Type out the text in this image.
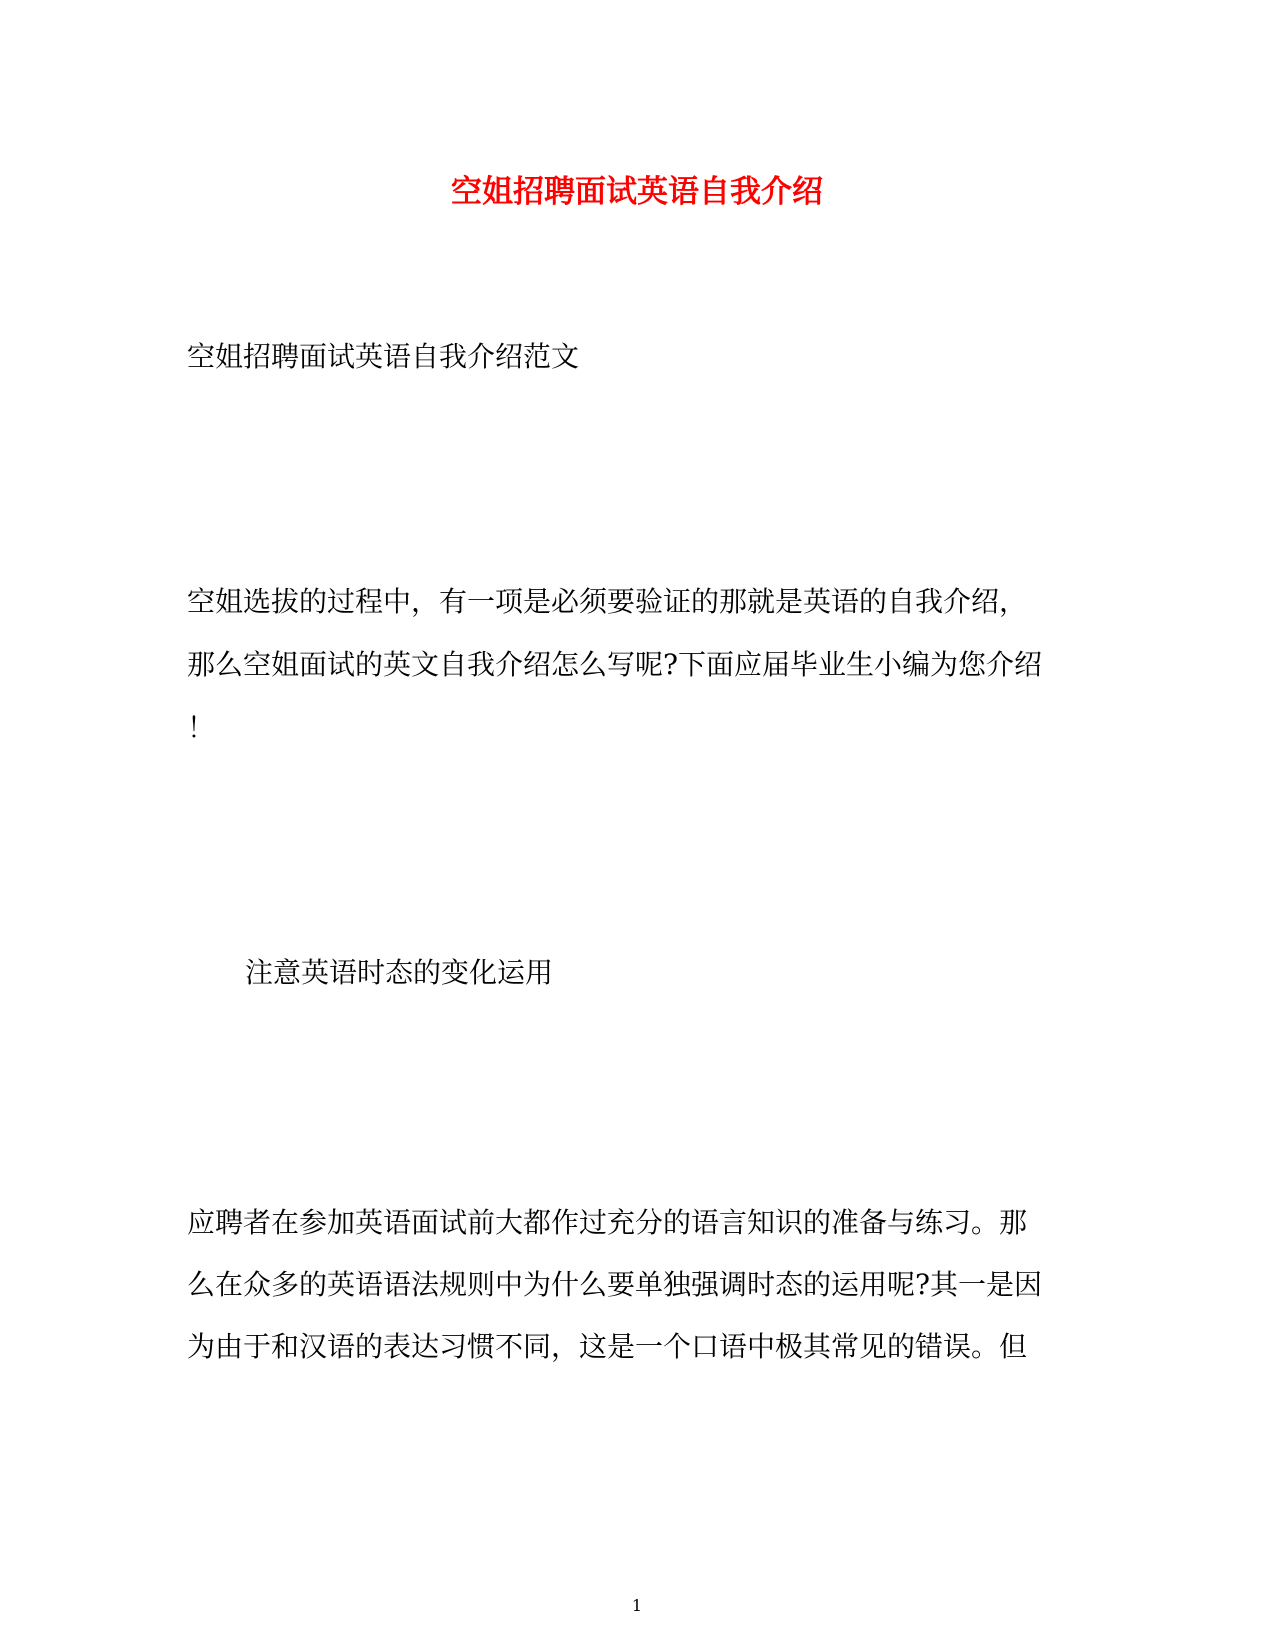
空姐招聘面试英语自我介绍

空姐招聘面试英语自我介绍范文

空姐选拔的过程中，有一项是必须要验证的那就是英语的自我介绍，

那么空姐面试的英文自我介绍怎么写呢?下面应届毕业生小编为您介绍

！

注意英语时态的变化运用

应聘者在参加英语面试前大都作过充分的语言知识的准备与练习。那

么在众多的英语语法规则中为什么要单独强调时态的运用呢?其一是因

为由于和汉语的表达习惯不同，这是一个口语中极其常见的错误。但

1
